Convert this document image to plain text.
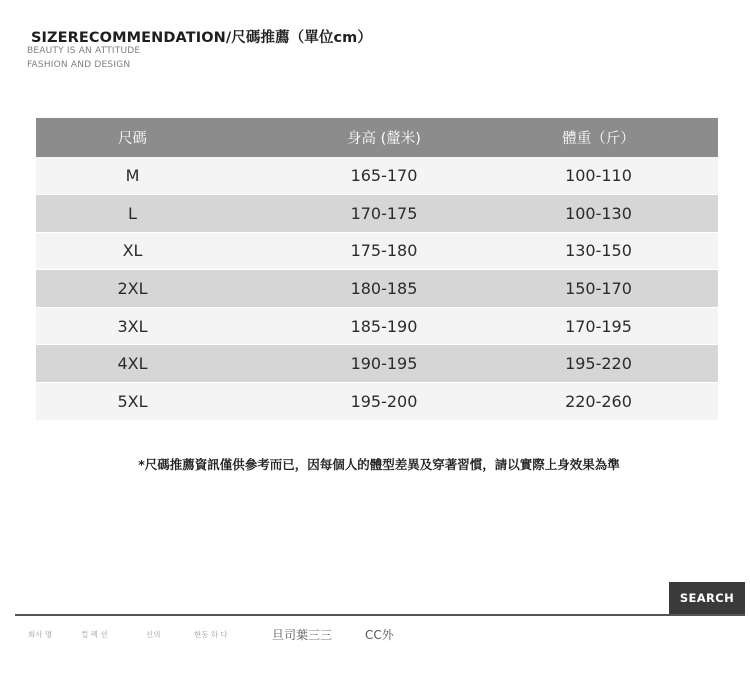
SIZERECOMMENDATION/尺碼推薦（單位cm）
BEAUTY IS AN ATTITUDE
FASHION AND DESIGN
尺碼	身高 (釐米)	體重（斤）
M	165-170	100-110
L	170-175	100-130
XL	175-180	130-150
2XL	180-185	150-170
3XL	185-190	170-195
4XL	190-195	195-220
5XL	195-200	220-260
*尺碼推薦資訊僅供參考而已，因每個人的體型差異及穿著習慣，請以實際上身效果為準
SEARCH
회사 명	컬 렉 션	신의	현동 하 다	旦司葉三三	CC外
